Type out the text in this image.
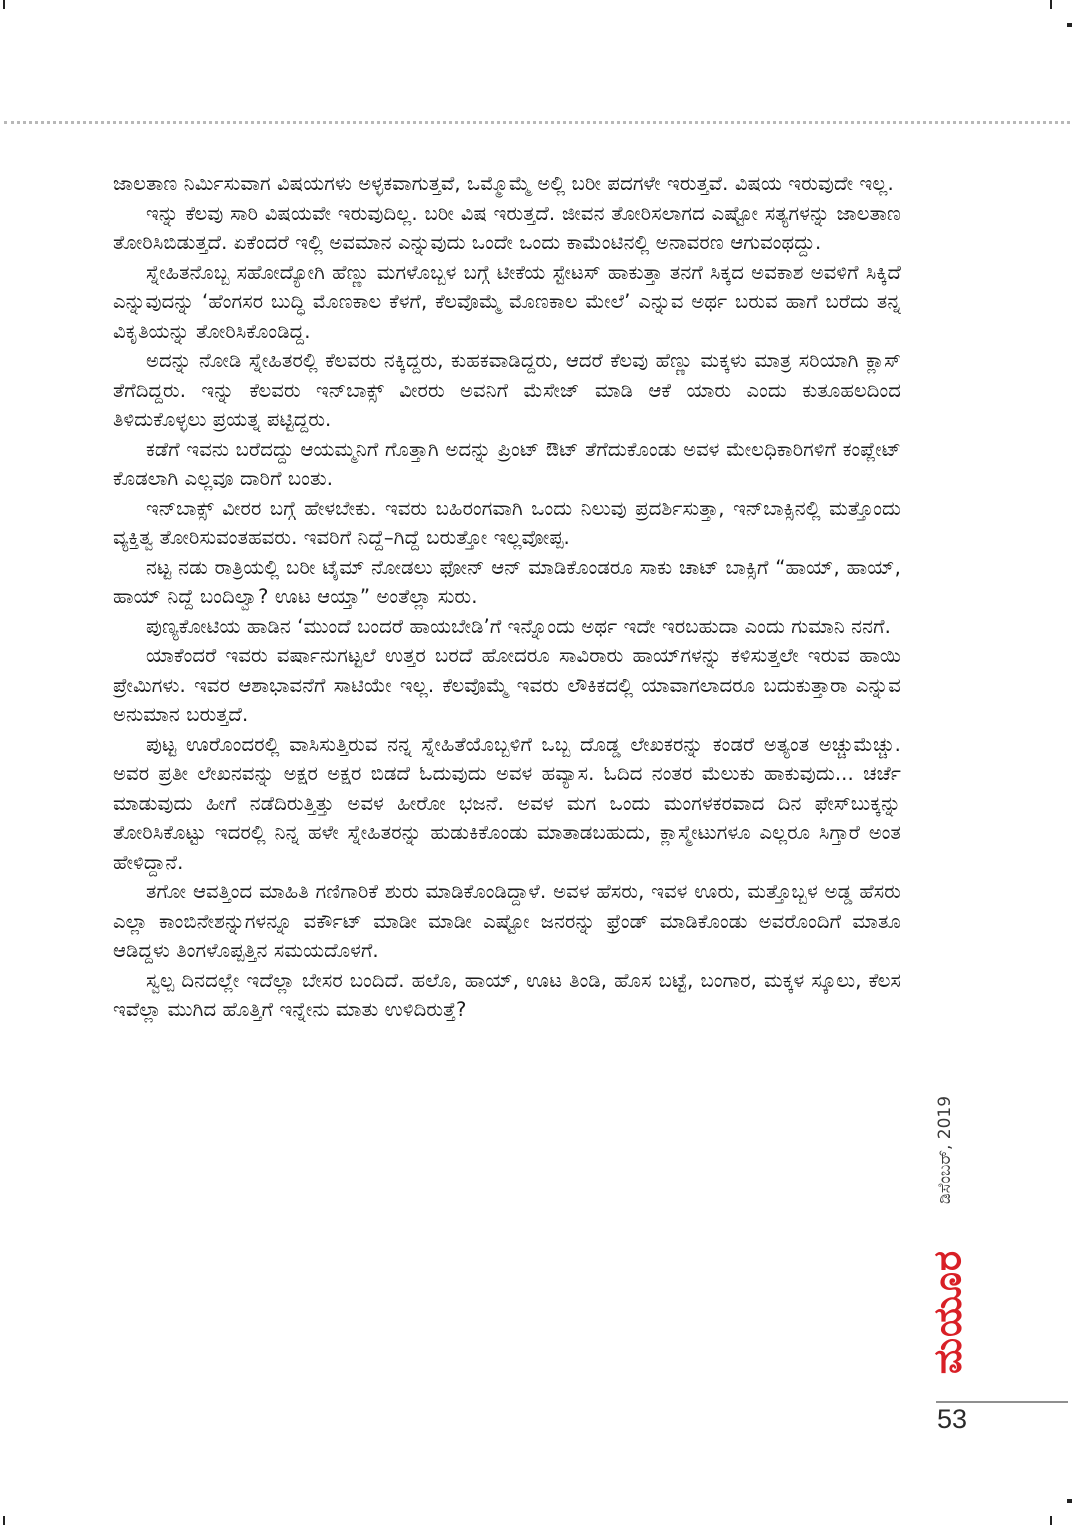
ಜಾಲತಾಣ ನಿರ್ಮಿಸುವಾಗ ವಿಷಯಗಳು ಅಳ್ಳಕವಾಗುತ್ತವೆ, ಒಮ್ಮೊಮ್ಮೆ ಅಲ್ಲಿ ಬರೀ ಪದಗಳೇ ಇರುತ್ತವೆ. ವಿಷಯ ಇರುವುದೇ ಇಲ್ಲ.

ಇನ್ನು ಕೆಲವು ಸಾರಿ ವಿಷಯವೇ ಇರುವುದಿಲ್ಲ. ಬರೀ ವಿಷ ಇರುತ್ತದೆ. ಜೀವನ ತೋರಿಸಲಾಗದ ಎಷ್ಟೋ ಸತ್ಯಗಳನ್ನು ಜಾಲತಾಣ ತೋರಿಸಿಬಿಡುತ್ತದೆ. ಏಕೆಂದರೆ ಇಲ್ಲಿ ಅವಮಾನ ಎನ್ನುವುದು ಒಂದೇ ಒಂದು ಕಾಮೆಂಟಿನಲ್ಲಿ ಅನಾವರಣ ಆಗುವಂಥದ್ದು.

ಸ್ನೇಹಿತನೊಬ್ಬ ಸಹೋದ್ಯೋಗಿ ಹೆಣ್ಣು ಮಗಳೊಬ್ಬಳ ಬಗ್ಗೆ ಟೀಕೆಯ ಸ್ಟೇಟಸ್ ಹಾಕುತ್ತಾ ತನಗೆ ಸಿಕ್ಕದ ಅವಕಾಶ ಅವಳಿಗೆ ಸಿಕ್ಕಿದೆ ಎನ್ನುವುದನ್ನು ‘ಹೆಂಗಸರ ಬುದ್ಧಿ ಮೊಣಕಾಲ ಕೆಳಗೆ, ಕೆಲವೊಮ್ಮೆ ಮೊಣಕಾಲ ಮೇಲೆ’ ಎನ್ನುವ ಅರ್ಥ ಬರುವ ಹಾಗೆ ಬರೆದು ತನ್ನ ವಿಕೃತಿಯನ್ನು ತೋರಿಸಿಕೊಂಡಿದ್ದ.

ಅದನ್ನು ನೋಡಿ ಸ್ನೇಹಿತರಲ್ಲಿ ಕೆಲವರು ನಕ್ಕಿದ್ದರು, ಕುಹಕವಾಡಿದ್ದರು, ಆದರೆ ಕೆಲವು ಹೆಣ್ಣು ಮಕ್ಕಳು ಮಾತ್ರ ಸರಿಯಾಗಿ ಕ್ಲಾಸ್ ತೆಗೆದಿದ್ದರು. ಇನ್ನು ಕೆಲವರು ಇನ್‌ಬಾಕ್ಸ್ ವೀರರು ಅವನಿಗೆ ಮೆಸೇಜ್ ಮಾಡಿ ಆಕೆ ಯಾರು ಎಂದು ಕುತೂಹಲದಿಂದ ತಿಳಿದುಕೊಳ್ಳಲು ಪ್ರಯತ್ನ ಪಟ್ಟಿದ್ದರು.

ಕಡೆಗೆ ಇವನು ಬರೆದದ್ದು ಆಯಮ್ಮನಿಗೆ ಗೊತ್ತಾಗಿ ಅದನ್ನು ಪ್ರಿಂಟ್ ಔಟ್ ತೆಗೆದುಕೊಂಡು ಅವಳ ಮೇಲಧಿಕಾರಿಗಳಿಗೆ ಕಂಪ್ಲೇಟ್ ಕೊಡಲಾಗಿ ಎಲ್ಲವೂ ದಾರಿಗೆ ಬಂತು.

ಇನ್‌ಬಾಕ್ಸ್ ವೀರರ ಬಗ್ಗೆ ಹೇಳಬೇಕು. ಇವರು ಬಹಿರಂಗವಾಗಿ ಒಂದು ನಿಲುವು ಪ್ರದರ್ಶಿಸುತ್ತಾ, ಇನ್‌ಬಾಕ್ಸಿನಲ್ಲಿ ಮತ್ತೊಂದು ವ್ಯಕ್ತಿತ್ವ ತೋರಿಸುವಂತಹವರು. ಇವರಿಗೆ ನಿದ್ದೆ–ಗಿದ್ದೆ ಬರುತ್ತೋ ಇಲ್ಲವೋಪ್ಪ.

ನಟ್ಟ ನಡು ರಾತ್ರಿಯಲ್ಲಿ ಬರೀ ಟೈಮ್ ನೋಡಲು ಫೋನ್ ಆನ್ ಮಾಡಿಕೊಂಡರೂ ಸಾಕು ಚಾಟ್ ಬಾಕ್ಸಿಗೆ “ಹಾಯ್, ಹಾಯ್, ಹಾಯ್ ನಿದ್ದೆ ಬಂದಿಲ್ವಾ? ಊಟ ಆಯ್ತಾ” ಅಂತೆಲ್ಲಾ ಸುರು.

ಪುಣ್ಯಕೋಟಿಯ ಹಾಡಿನ ‘ಮುಂದೆ ಬಂದರೆ ಹಾಯಬೇಡಿ’ಗೆ ಇನ್ನೊಂದು ಅರ್ಥ ಇದೇ ಇರಬಹುದಾ ಎಂದು ಗುಮಾನಿ ನನಗೆ.

ಯಾಕೆಂದರೆ ಇವರು ವರ್ಷಾನುಗಟ್ಟಲೆ ಉತ್ತರ ಬರದೆ ಹೋದರೂ ಸಾವಿರಾರು ಹಾಯ್‌ಗಳನ್ನು ಕಳಿಸುತ್ತಲೇ ಇರುವ ಹಾಯಿ ಪ್ರೇಮಿಗಳು. ಇವರ ಆಶಾಭಾವನೆಗೆ ಸಾಟಿಯೇ ಇಲ್ಲ. ಕೆಲವೊಮ್ಮೆ ಇವರು ಲೌಕಿಕದಲ್ಲಿ ಯಾವಾಗಲಾದರೂ ಬದುಕುತ್ತಾರಾ ಎನ್ನುವ ಅನುಮಾನ ಬರುತ್ತದೆ.

ಪುಟ್ಟ ಊರೊಂದರಲ್ಲಿ ವಾಸಿಸುತ್ತಿರುವ ನನ್ನ ಸ್ನೇಹಿತೆಯೊಬ್ಬಳಿಗೆ ಒಬ್ಬ ದೊಡ್ಡ ಲೇಖಕರನ್ನು ಕಂಡರೆ ಅತ್ಯಂತ ಅಚ್ಚುಮೆಚ್ಚು. ಅವರ ಪ್ರತೀ ಲೇಖನವನ್ನು ಅಕ್ಷರ ಅಕ್ಷರ ಬಿಡದೆ ಓದುವುದು ಅವಳ ಹವ್ಯಾಸ. ಓದಿದ ನಂತರ ಮೆಲುಕು ಹಾಕುವುದು... ಚರ್ಚೆ ಮಾಡುವುದು ಹೀಗೆ ನಡೆದಿರುತ್ತಿತ್ತು ಅವಳ ಹೀರೋ ಭಜನೆ. ಅವಳ ಮಗ ಒಂದು ಮಂಗಳಕರವಾದ ದಿನ ಫೇಸ್‌ಬುಕ್ಕನ್ನು ತೋರಿಸಿಕೊಟ್ಟು ಇದರಲ್ಲಿ ನಿನ್ನ ಹಳೇ ಸ್ನೇಹಿತರನ್ನು ಹುಡುಕಿಕೊಂಡು ಮಾತಾಡಬಹುದು, ಕ್ಲಾಸ್ಮೇಟುಗಳೂ ಎಲ್ಲರೂ ಸಿಗ್ತಾರೆ ಅಂತ ಹೇಳಿದ್ದಾನೆ.

ತಗೋ ಆವತ್ತಿಂದ ಮಾಹಿತಿ ಗಣಿಗಾರಿಕೆ ಶುರು ಮಾಡಿಕೊಂಡಿದ್ದಾಳೆ. ಅವಳ ಹೆಸರು, ಇವಳ ಊರು, ಮತ್ತೊಬ್ಬಳ ಅಡ್ಡ ಹೆಸರು ಎಲ್ಲಾ ಕಾಂಬಿನೇಶನ್ನುಗಳನ್ನೂ ವರ್ಕೌಟ್ ಮಾಡೀ ಮಾಡೀ ಎಷ್ಟೋ ಜನರನ್ನು ಫ್ರೆಂಡ್ ಮಾಡಿಕೊಂಡು ಅವರೊಂದಿಗೆ ಮಾತೂ ಆಡಿದ್ದಳು ತಿಂಗಳೊಪ್ಪತ್ತಿನ ಸಮಯದೊಳಗೆ.

ಸ್ವಲ್ಪ ದಿನದಲ್ಲೇ ಇದೆಲ್ಲಾ ಬೇಸರ ಬಂದಿದೆ. ಹಲೊ, ಹಾಯ್, ಊಟ ತಿಂಡಿ, ಹೊಸ ಬಟ್ಟೆ, ಬಂಗಾರ, ಮಕ್ಕಳ ಸ್ಕೂಲು, ಕೆಲಸ ಇವೆಲ್ಲಾ ಮುಗಿದ ಹೊತ್ತಿಗೆ ಇನ್ನೇನು ಮಾತು ಉಳಿದಿರುತ್ತೆ?

ಡಿಸೆಂಬರ್, 2019
ಮಯೂರ
53
